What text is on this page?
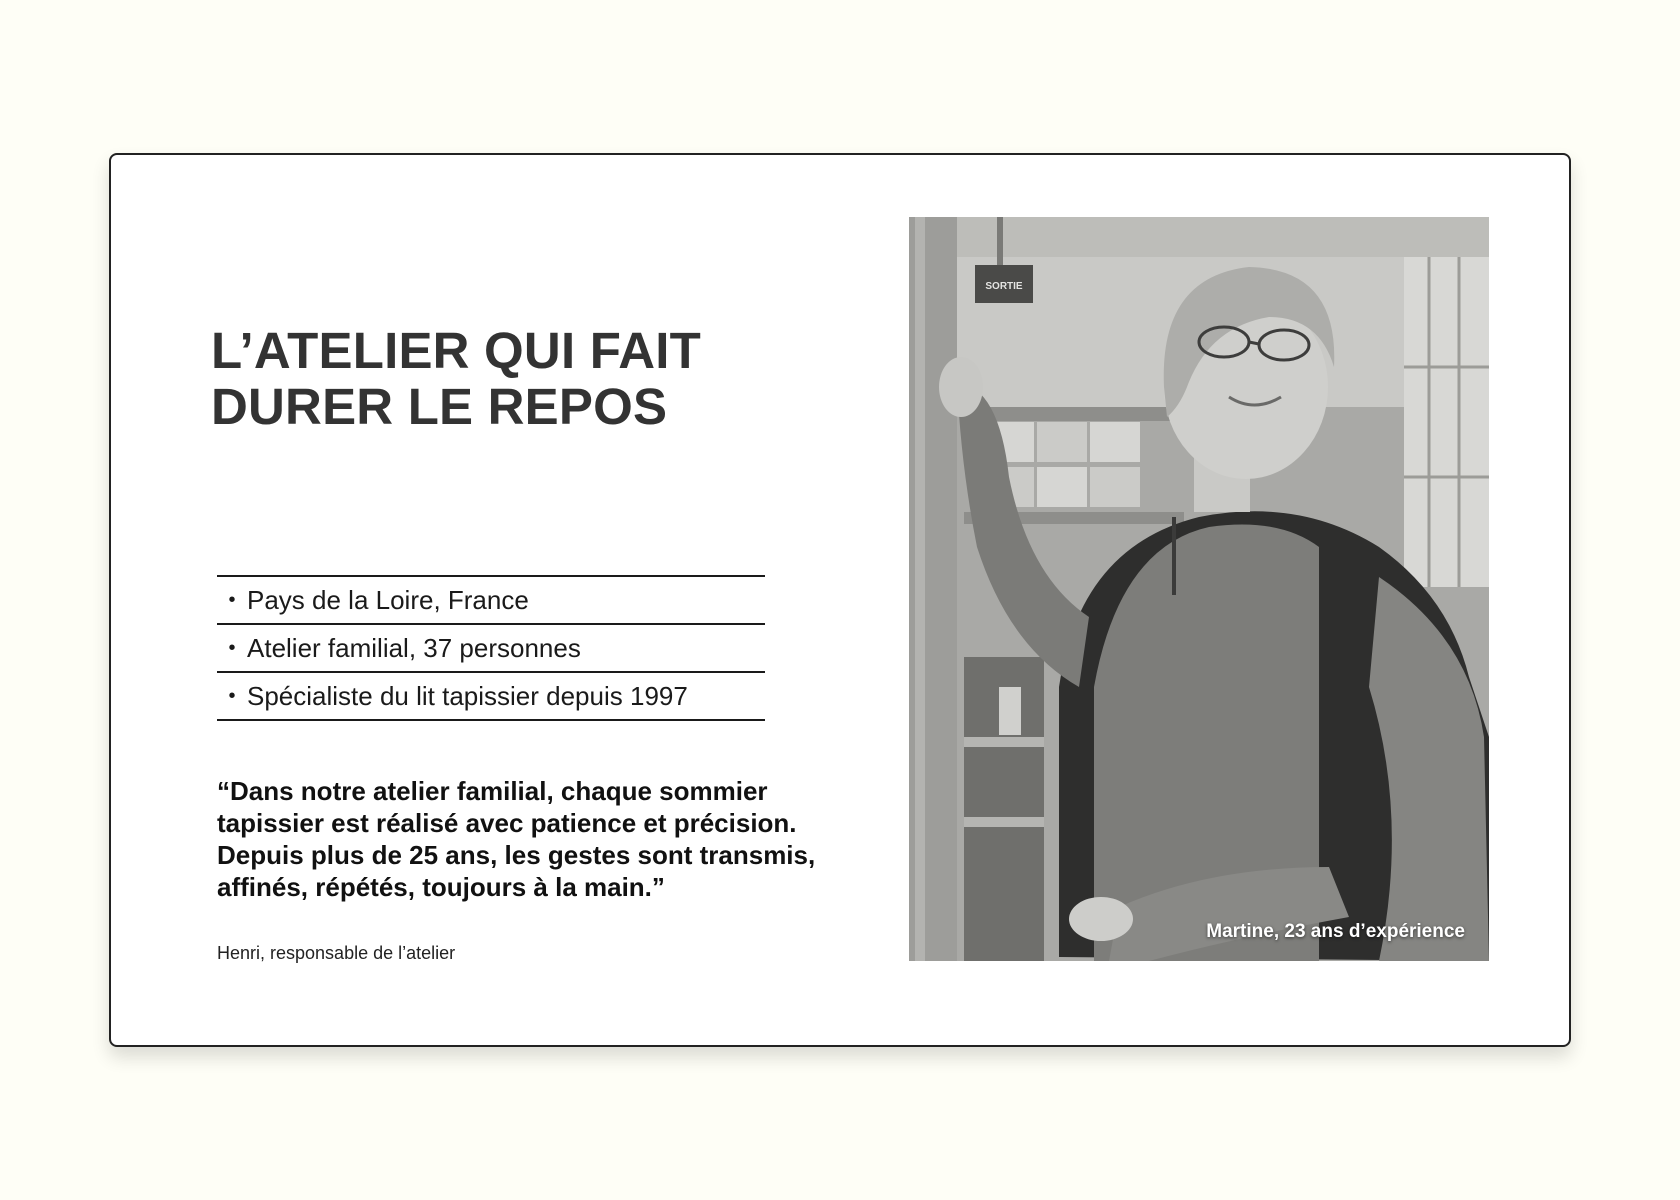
L’ATELIER QUI FAIT
DURER LE REPOS
• Pays de la Loire, France
• Atelier familial, 37 personnes
• Spécialiste du lit tapissier depuis 1997

“Dans notre atelier familial, chaque sommier tapissier est réalisé avec patience et précision. Depuis plus de 25 ans, les gestes sont transmis, affinés, répétés, toujours à la main.”

Henri, responsable de l’atelier

SORTIE
Martine, 23 ans d’expérience
